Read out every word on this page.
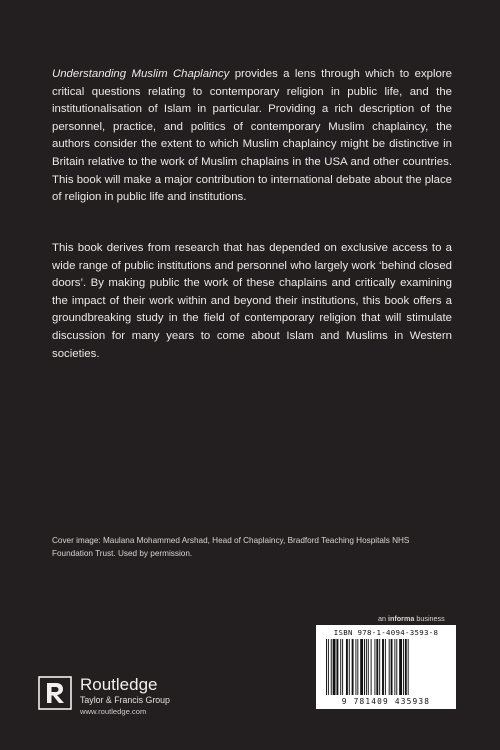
Understanding Muslim Chaplaincy provides a lens through which to explore critical questions relating to contemporary religion in public life, and the institutionalisation of Islam in particular. Providing a rich description of the personnel, practice, and politics of contemporary Muslim chaplaincy, the authors consider the extent to which Muslim chaplaincy might be distinctive in Britain relative to the work of Muslim chaplains in the USA and other countries. This book will make a major contribution to international debate about the place of religion in public life and institutions.

This book derives from research that has depended on exclusive access to a wide range of public institutions and personnel who largely work ‘behind closed doors’. By making public the work of these chaplains and critically examining the impact of their work within and beyond their institutions, this book offers a groundbreaking study in the field of contemporary religion that will stimulate discussion for many years to come about Islam and Muslims in Western societies.

Cover image: Maulana Mohammed Arshad, Head of Chaplaincy, Bradford Teaching Hospitals NHS Foundation Trust. Used by permission.

an informa business
ISBN 978-1-4094-3593-8
9 781409 435938
Routledge
Taylor & Francis Group
www.routledge.com
